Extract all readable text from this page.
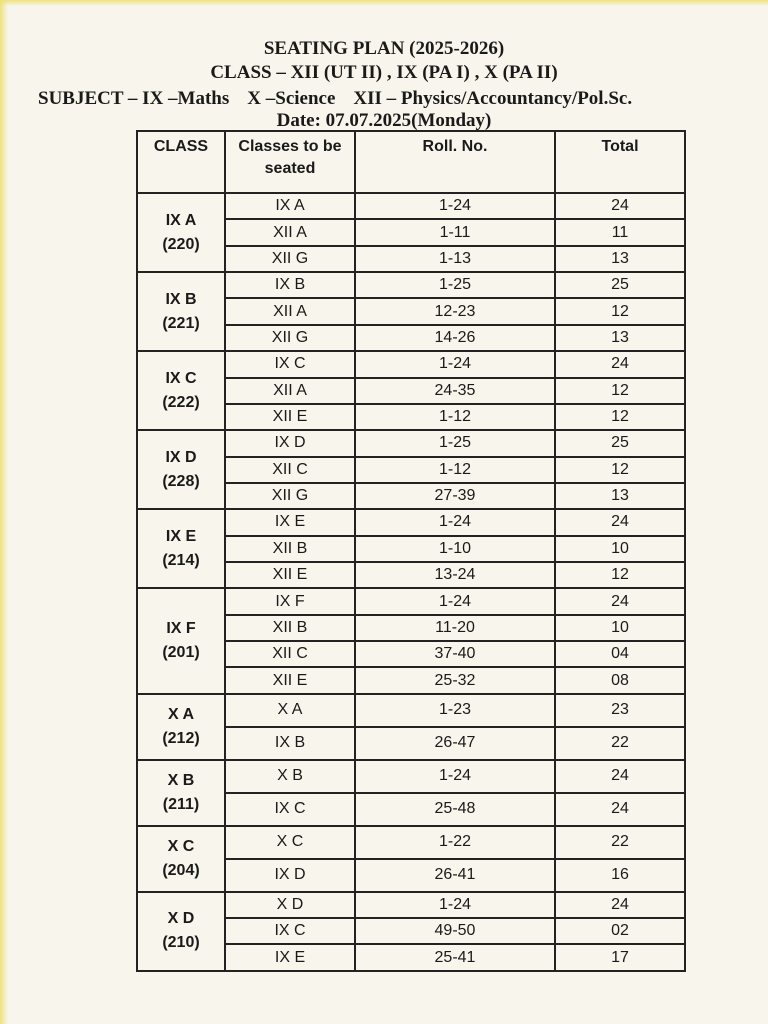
SEATING PLAN (2025-2026)
CLASS – XII (UT II) , IX (PA I) , X (PA II)
SUBJECT – IX –Maths X –Science XII – Physics/Accountancy/Pol.Sc.
Date: 07.07.2025(Monday)
CLASS	Classes to be seated	Roll. No.	Total

IX A
(220)	IX A	1-24	24
	XII A	1-11	11
	XII G	1-13	13

IX B
(221)	IX B	1-25	25
	XII A	12-23	12
	XII G	14-26	13

IX C
(222)	IX C	1-24	24
	XII A	24-35	12
	XII E	1-12	12

IX D
(228)	IX D	1-25	25
	XII C	1-12	12
	XII G	27-39	13

IX E
(214)	IX E	1-24	24
	XII B	1-10	10
	XII E	13-24	12

IX F
(201)	IX F	1-24	24
	XII B	11-20	10
	XII C	37-40	04
	XII E	25-32	08

X A
(212)	X A	1-23	23
	IX B	26-47	22

X B
(211)	X B	1-24	24
	IX C	25-48	24

X C
(204)	X C	1-22	22
	IX D	26-41	16

X D
(210)	X D	1-24	24
	IX C	49-50	02
	IX E	25-41	17
